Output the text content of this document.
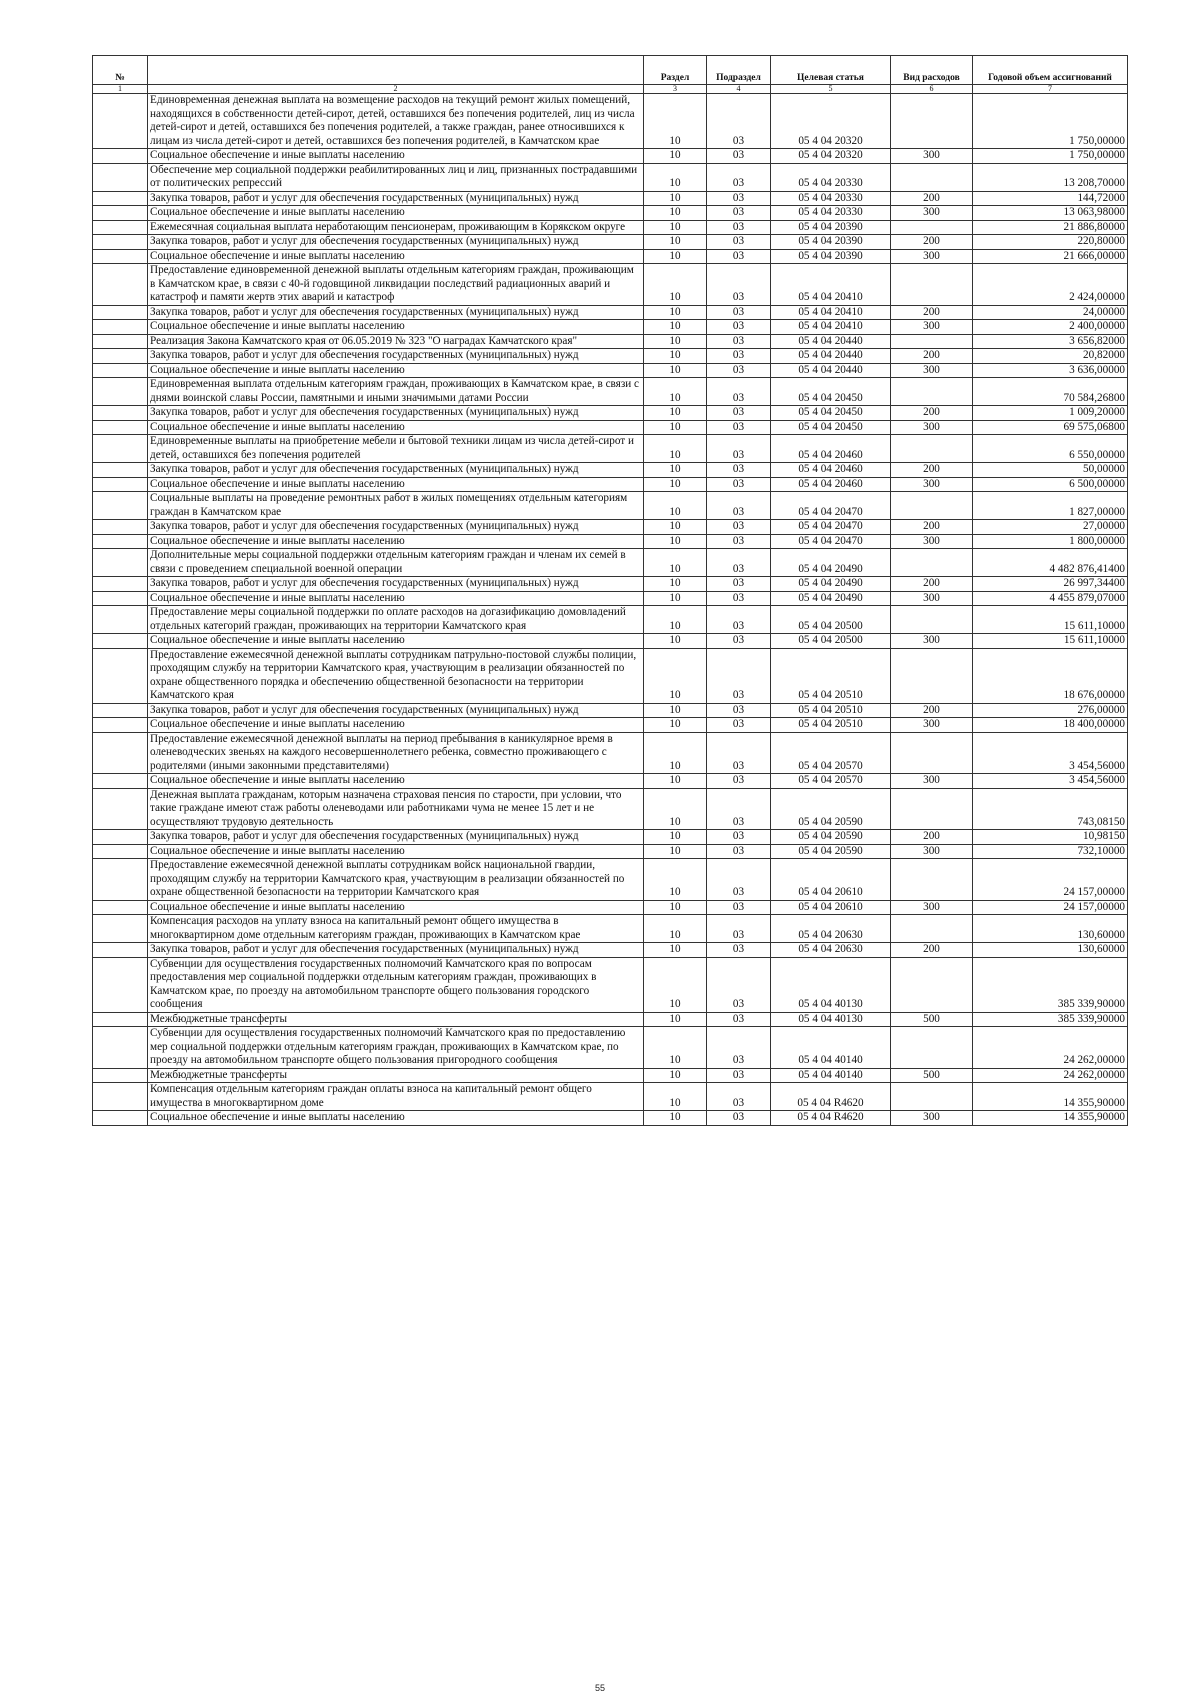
№		Раздел	Подраздел	Целевая статья	Вид расходов	Годовой объем ассигнований
1	2	3	4	5	6	7
	Единовременная денежная выплата на возмещение расходов на текущий ремонт жилых помещений, находящихся в собственности детей-сирот, детей, оставшихся без попечения родителей, лиц из числа детей-сирот и детей, оставшихся без попечения родителей, а также граждан, ранее относившихся к лицам из числа детей-сирот и детей, оставшихся без попечения родителей, в Камчатском крае	10	03	05 4 04 20320		1 750,00000
	Социальное обеспечение и иные выплаты населению	10	03	05 4 04 20320	300	1 750,00000
	Обеспечение мер социальной поддержки реабилитированных лиц и лиц, признанных пострадавшими от политических репрессий	10	03	05 4 04 20330		13 208,70000
	Закупка товаров, работ и услуг для обеспечения государственных (муниципальных) нужд	10	03	05 4 04 20330	200	144,72000
	Социальное обеспечение и иные выплаты населению	10	03	05 4 04 20330	300	13 063,98000
	Ежемесячная социальная выплата неработающим пенсионерам, проживающим в Корякском округе	10	03	05 4 04 20390		21 886,80000
	Закупка товаров, работ и услуг для обеспечения государственных (муниципальных) нужд	10	03	05 4 04 20390	200	220,80000
	Социальное обеспечение и иные выплаты населению	10	03	05 4 04 20390	300	21 666,00000
	Предоставление единовременной денежной выплаты отдельным категориям граждан, проживающим в Камчатском крае, в связи с 40-й годовщиной ликвидации последствий радиационных аварий и катастроф и памяти жертв этих аварий и катастроф	10	03	05 4 04 20410		2 424,00000
	Закупка товаров, работ и услуг для обеспечения государственных (муниципальных) нужд	10	03	05 4 04 20410	200	24,00000
	Социальное обеспечение и иные выплаты населению	10	03	05 4 04 20410	300	2 400,00000
	Реализация Закона Камчатского края от 06.05.2019 № 323 "О наградах Камчатского края"	10	03	05 4 04 20440		3 656,82000
	Закупка товаров, работ и услуг для обеспечения государственных (муниципальных) нужд	10	03	05 4 04 20440	200	20,82000
	Социальное обеспечение и иные выплаты населению	10	03	05 4 04 20440	300	3 636,00000
	Единовременная выплата отдельным категориям граждан, проживающих в Камчатском крае, в связи с днями воинской славы России, памятными и иными значимыми датами России	10	03	05 4 04 20450		70 584,26800
	Закупка товаров, работ и услуг для обеспечения государственных (муниципальных) нужд	10	03	05 4 04 20450	200	1 009,20000
	Социальное обеспечение и иные выплаты населению	10	03	05 4 04 20450	300	69 575,06800
	Единовременные выплаты на приобретение мебели и бытовой техники лицам из числа детей-сирот и детей, оставшихся без попечения родителей	10	03	05 4 04 20460		6 550,00000
	Закупка товаров, работ и услуг для обеспечения государственных (муниципальных) нужд	10	03	05 4 04 20460	200	50,00000
	Социальное обеспечение и иные выплаты населению	10	03	05 4 04 20460	300	6 500,00000
	Социальные выплаты на проведение ремонтных работ в жилых помещениях отдельным категориям граждан в Камчатском крае	10	03	05 4 04 20470		1 827,00000
	Закупка товаров, работ и услуг для обеспечения государственных (муниципальных) нужд	10	03	05 4 04 20470	200	27,00000
	Социальное обеспечение и иные выплаты населению	10	03	05 4 04 20470	300	1 800,00000
	Дополнительные меры социальной поддержки отдельным категориям граждан и членам их семей в связи с проведением специальной военной операции	10	03	05 4 04 20490		4 482 876,41400
	Закупка товаров, работ и услуг для обеспечения государственных (муниципальных) нужд	10	03	05 4 04 20490	200	26 997,34400
	Социальное обеспечение и иные выплаты населению	10	03	05 4 04 20490	300	4 455 879,07000
	Предоставление меры социальной поддержки по оплате расходов на догазификацию домовладений отдельных категорий граждан, проживающих на территории Камчатского края	10	03	05 4 04 20500		15 611,10000
	Социальное обеспечение и иные выплаты населению	10	03	05 4 04 20500	300	15 611,10000
	Предоставление ежемесячной денежной выплаты сотрудникам патрульно-постовой службы полиции, проходящим службу на территории Камчатского края, участвующим в реализации обязанностей по охране общественного порядка и обеспечению общественной безопасности на территории Камчатского края	10	03	05 4 04 20510		18 676,00000
	Закупка товаров, работ и услуг для обеспечения государственных (муниципальных) нужд	10	03	05 4 04 20510	200	276,00000
	Социальное обеспечение и иные выплаты населению	10	03	05 4 04 20510	300	18 400,00000
	Предоставление ежемесячной денежной выплаты на период пребывания в каникулярное время в оленеводческих звеньях на каждого несовершеннолетнего ребенка, совместно проживающего с родителями (иными законными представителями)	10	03	05 4 04 20570		3 454,56000
	Социальное обеспечение и иные выплаты населению	10	03	05 4 04 20570	300	3 454,56000
	Денежная выплата гражданам, которым назначена страховая пенсия по старости, при условии, что такие граждане имеют стаж работы оленеводами или работниками чума не менее 15 лет и не осуществляют трудовую деятельность	10	03	05 4 04 20590		743,08150
	Закупка товаров, работ и услуг для обеспечения государственных (муниципальных) нужд	10	03	05 4 04 20590	200	10,98150
	Социальное обеспечение и иные выплаты населению	10	03	05 4 04 20590	300	732,10000
	Предоставление ежемесячной денежной выплаты сотрудникам войск национальной гвардии, проходящим службу на территории Камчатского края, участвующим в реализации обязанностей по охране общественной безопасности на территории Камчатского края	10	03	05 4 04 20610		24 157,00000
	Социальное обеспечение и иные выплаты населению	10	03	05 4 04 20610	300	24 157,00000
	Компенсация расходов на уплату взноса на капитальный ремонт общего имущества в многоквартирном доме отдельным категориям граждан, проживающих в Камчатском крае	10	03	05 4 04 20630		130,60000
	Закупка товаров, работ и услуг для обеспечения государственных (муниципальных) нужд	10	03	05 4 04 20630	200	130,60000
	Субвенции для осуществления государственных полномочий Камчатского края по вопросам предоставления мер социальной поддержки отдельным категориям граждан, проживающих в Камчатском крае, по проезду на автомобильном транспорте общего пользования городского сообщения	10	03	05 4 04 40130		385 339,90000
	Межбюджетные трансферты	10	03	05 4 04 40130	500	385 339,90000
	Субвенции для осуществления государственных полномочий Камчатского края по предоставлению мер социальной поддержки отдельным категориям граждан, проживающих в Камчатском крае, по проезду на автомобильном транспорте общего пользования пригородного сообщения	10	03	05 4 04 40140		24 262,00000
	Межбюджетные трансферты	10	03	05 4 04 40140	500	24 262,00000
	Компенсация отдельным категориям граждан оплаты взноса на капитальный ремонт общего имущества в многоквартирном доме	10	03	05 4 04 R4620		14 355,90000
	Социальное обеспечение и иные выплаты населению	10	03	05 4 04 R4620	300	14 355,90000
55
